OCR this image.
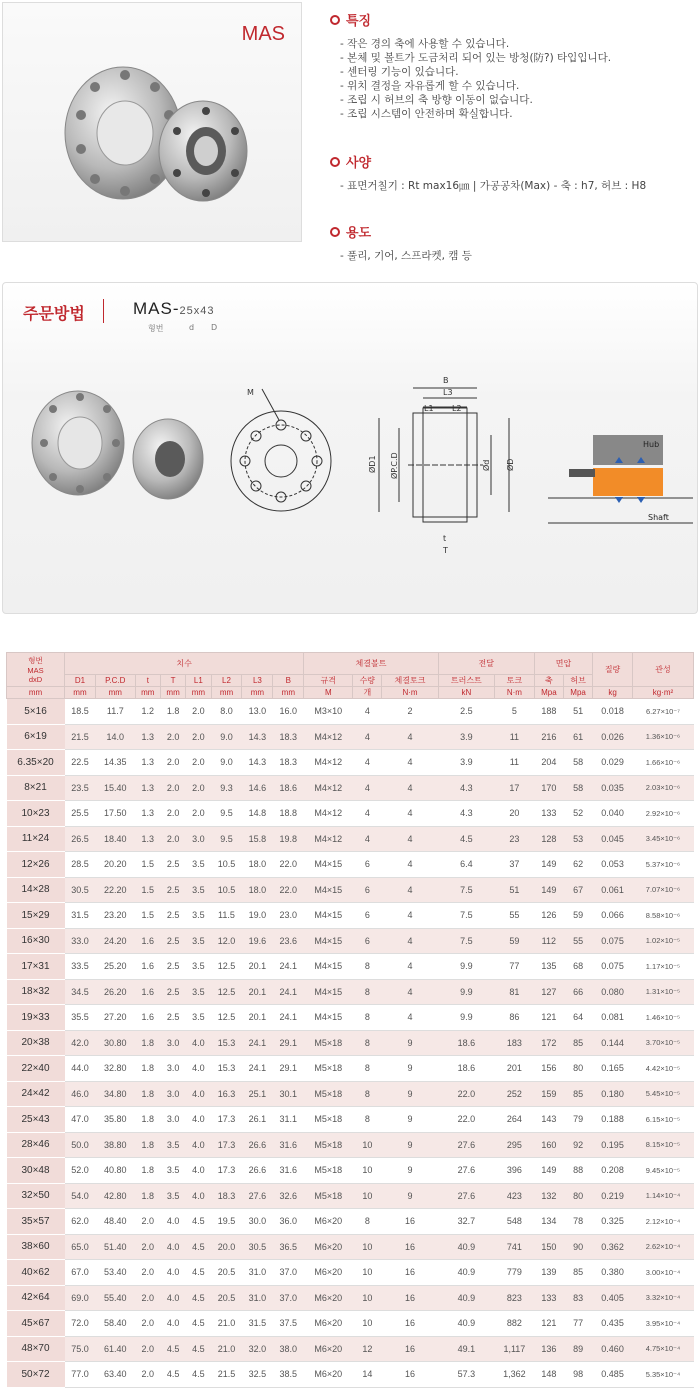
MAS
특징
- 작은 경의 축에 사용할 수 있습니다.
- 본체 및 볼트가 도금처리 되어 있는 방청(防?) 타입입니다.
- 센터링 기능이 있습니다.
- 위치 결정을 자유롭게 할 수 있습니다.
- 조립 시 허브의 축 방향 이동이 없습니다.
- 조립 시스템이 안전하며 확실합니다.
사양
- 표면거칠기 : Rt max16㎛ | 가공공차(Max) - 축 : h7, 허브 : H8
용도
- 풀리, 기어, 스프라켓, 캠 등
주문방법	MAS-25x43
형번	d D
M
B
L3
L1 L2
ØD1 ØP.C.D	Ød ØD
t
T
Hub
Shaft
형번
MAS
dxD	치수								체결볼트			전달		면압		질량	관성
	D1	P.C.D	t	T	L1	L2	L3	B	규격	수량	체결토크	트러스트	토크	축	허브		
mm	mm	mm	mm	mm	mm	mm	mm	mm	M	개	N·m	kN	N·m	Mpa	Mpa	kg	kg·m²
5×16	18.5	11.7	1.2	1.8	2.0	8.0	13.0	16.0	M3×10	4	2	2.5	5	188	51	0.018	6.27×10⁻⁷
6×19	21.5	14.0	1.3	2.0	2.0	9.0	14.3	18.3	M4×12	4	4	3.9	11	216	61	0.026	1.36×10⁻⁶
6.35×20	22.5	14.35	1.3	2.0	2.0	9.0	14.3	18.3	M4×12	4	4	3.9	11	204	58	0.029	1.66×10⁻⁶
8×21	23.5	15.40	1.3	2.0	2.0	9.3	14.6	18.6	M4×12	4	4	4.3	17	170	58	0.035	2.03×10⁻⁶
10×23	25.5	17.50	1.3	2.0	2.0	9.5	14.8	18.8	M4×12	4	4	4.3	20	133	52	0.040	2.92×10⁻⁶
11×24	26.5	18.40	1.3	2.0	3.0	9.5	15.8	19.8	M4×12	4	4	4.5	23	128	53	0.045	3.45×10⁻⁶
12×26	28.5	20.20	1.5	2.5	3.5	10.5	18.0	22.0	M4×15	6	4	6.4	37	149	62	0.053	5.37×10⁻⁶
14×28	30.5	22.20	1.5	2.5	3.5	10.5	18.0	22.0	M4×15	6	4	7.5	51	149	67	0.061	7.07×10⁻⁶
15×29	31.5	23.20	1.5	2.5	3.5	11.5	19.0	23.0	M4×15	6	4	7.5	55	126	59	0.066	8.58×10⁻⁶
16×30	33.0	24.20	1.6	2.5	3.5	12.0	19.6	23.6	M4×15	6	4	7.5	59	112	55	0.075	1.02×10⁻⁵
17×31	33.5	25.20	1.6	2.5	3.5	12.5	20.1	24.1	M4×15	8	4	9.9	77	135	68	0.075	1.17×10⁻⁵
18×32	34.5	26.20	1.6	2.5	3.5	12.5	20.1	24.1	M4×15	8	4	9.9	81	127	66	0.080	1.31×10⁻⁵
19×33	35.5	27.20	1.6	2.5	3.5	12.5	20.1	24.1	M4×15	8	4	9.9	86	121	64	0.081	1.46×10⁻⁵
20×38	42.0	30.80	1.8	3.0	4.0	15.3	24.1	29.1	M5×18	8	9	18.6	183	172	85	0.144	3.70×10⁻⁵
22×40	44.0	32.80	1.8	3.0	4.0	15.3	24.1	29.1	M5×18	8	9	18.6	201	156	80	0.165	4.42×10⁻⁵
24×42	46.0	34.80	1.8	3.0	4.0	16.3	25.1	30.1	M5×18	8	9	22.0	252	159	85	0.180	5.45×10⁻⁵
25×43	47.0	35.80	1.8	3.0	4.0	17.3	26.1	31.1	M5×18	8	9	22.0	264	143	79	0.188	6.15×10⁻⁵
28×46	50.0	38.80	1.8	3.5	4.0	17.3	26.6	31.6	M5×18	10	9	27.6	295	160	92	0.195	8.15×10⁻⁵
30×48	52.0	40.80	1.8	3.5	4.0	17.3	26.6	31.6	M5×18	10	9	27.6	396	149	88	0.208	9.45×10⁻⁵
32×50	54.0	42.80	1.8	3.5	4.0	18.3	27.6	32.6	M5×18	10	9	27.6	423	132	80	0.219	1.14×10⁻⁴
35×57	62.0	48.40	2.0	4.0	4.5	19.5	30.0	36.0	M6×20	8	16	32.7	548	134	78	0.325	2.12×10⁻⁴
38×60	65.0	51.40	2.0	4.0	4.5	20.0	30.5	36.5	M6×20	10	16	40.9	741	150	90	0.362	2.62×10⁻⁴
40×62	67.0	53.40	2.0	4.0	4.5	20.5	31.0	37.0	M6×20	10	16	40.9	779	139	85	0.380	3.00×10⁻⁴
42×64	69.0	55.40	2.0	4.0	4.5	20.5	31.0	37.0	M6×20	10	16	40.9	823	133	83	0.405	3.32×10⁻⁴
45×67	72.0	58.40	2.0	4.0	4.5	21.0	31.5	37.5	M6×20	10	16	40.9	882	121	77	0.435	3.95×10⁻⁴
48×70	75.0	61.40	2.0	4.5	4.5	21.0	32.0	38.0	M6×20	12	16	49.1	1,117	136	89	0.460	4.75×10⁻⁴
50×72	77.0	63.40	2.0	4.5	4.5	21.5	32.5	38.5	M6×20	14	16	57.3	1,362	148	98	0.485	5.35×10⁻⁴
